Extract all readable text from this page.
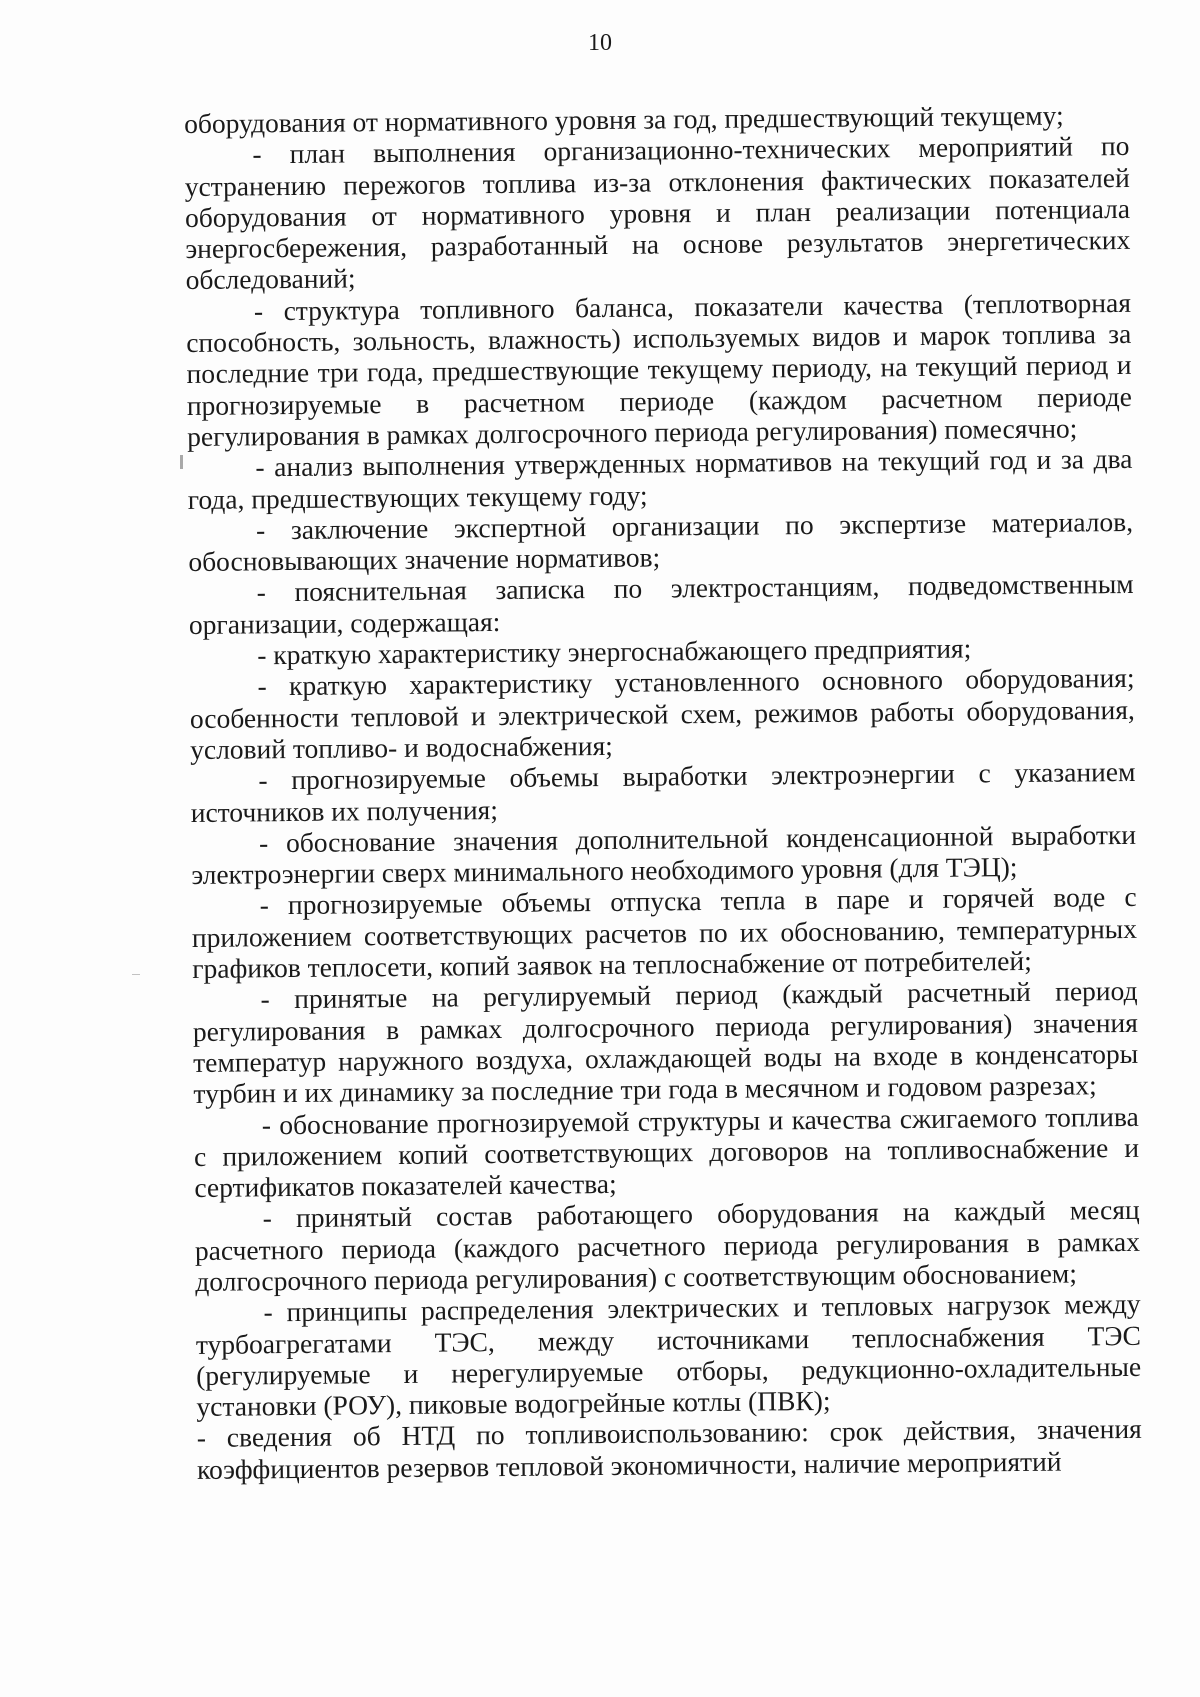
10

оборудования от нормативного уровня за год, предшествующий текущему;

- план выполнения организационно-технических мероприятий по устранению пережогов топлива из-за отклонения фактических показателей оборудования от нормативного уровня и план реализации потенциала энергосбережения, разработанный на основе результатов энергетических обследований;

- структура топливного баланса, показатели качества (теплотворная способность, зольность, влажность) используемых видов и марок топлива за последние три года, предшествующие текущему периоду, на текущий период и прогнозируемые в расчетном периоде (каждом расчетном периоде регулирования в рамках долгосрочного периода регулирования) помесячно;

- анализ выполнения утвержденных нормативов на текущий год и за два года, предшествующих текущему году;

- заключение экспертной организации по экспертизе материалов, обосновывающих значение нормативов;

- пояснительная записка по электростанциям, подведомственным организации, содержащая:

- краткую характеристику энергоснабжающего предприятия;

- краткую характеристику установленного основного оборудования; особенности тепловой и электрической схем, режимов работы оборудования, условий топливо- и водоснабжения;

- прогнозируемые объемы выработки электроэнергии с указанием источников их получения;

- обоснование значения дополнительной конденсационной выработки электроэнергии сверх минимального необходимого уровня (для ТЭЦ);

- прогнозируемые объемы отпуска тепла в паре и горячей воде с приложением соответствующих расчетов по их обоснованию, температурных графиков теплосети, копий заявок на теплоснабжение от потребителей;

- принятые на регулируемый период (каждый расчетный период регулирования в рамках долгосрочного периода регулирования) значения температур наружного воздуха, охлаждающей воды на входе в конденсаторы турбин и их динамику за последние три года в месячном и годовом разрезах;

- обоснование прогнозируемой структуры и качества сжигаемого топлива с приложением копий соответствующих договоров на топливоснабжение и сертификатов показателей качества;

- принятый состав работающего оборудования на каждый месяц расчетного периода (каждого расчетного периода регулирования в рамках долгосрочного периода регулирования) с соответствующим обоснованием;

- принципы распределения электрических и тепловых нагрузок между турбоагрегатами ТЭС, между источниками теплоснабжения ТЭС (регулируемые и нерегулируемые отборы, редукционно-охладительные установки (РОУ), пиковые водогрейные котлы (ПВК);

- сведения об НТД по топливоиспользованию: срок действия, значения коэффициентов резервов тепловой экономичности, наличие мероприятий
